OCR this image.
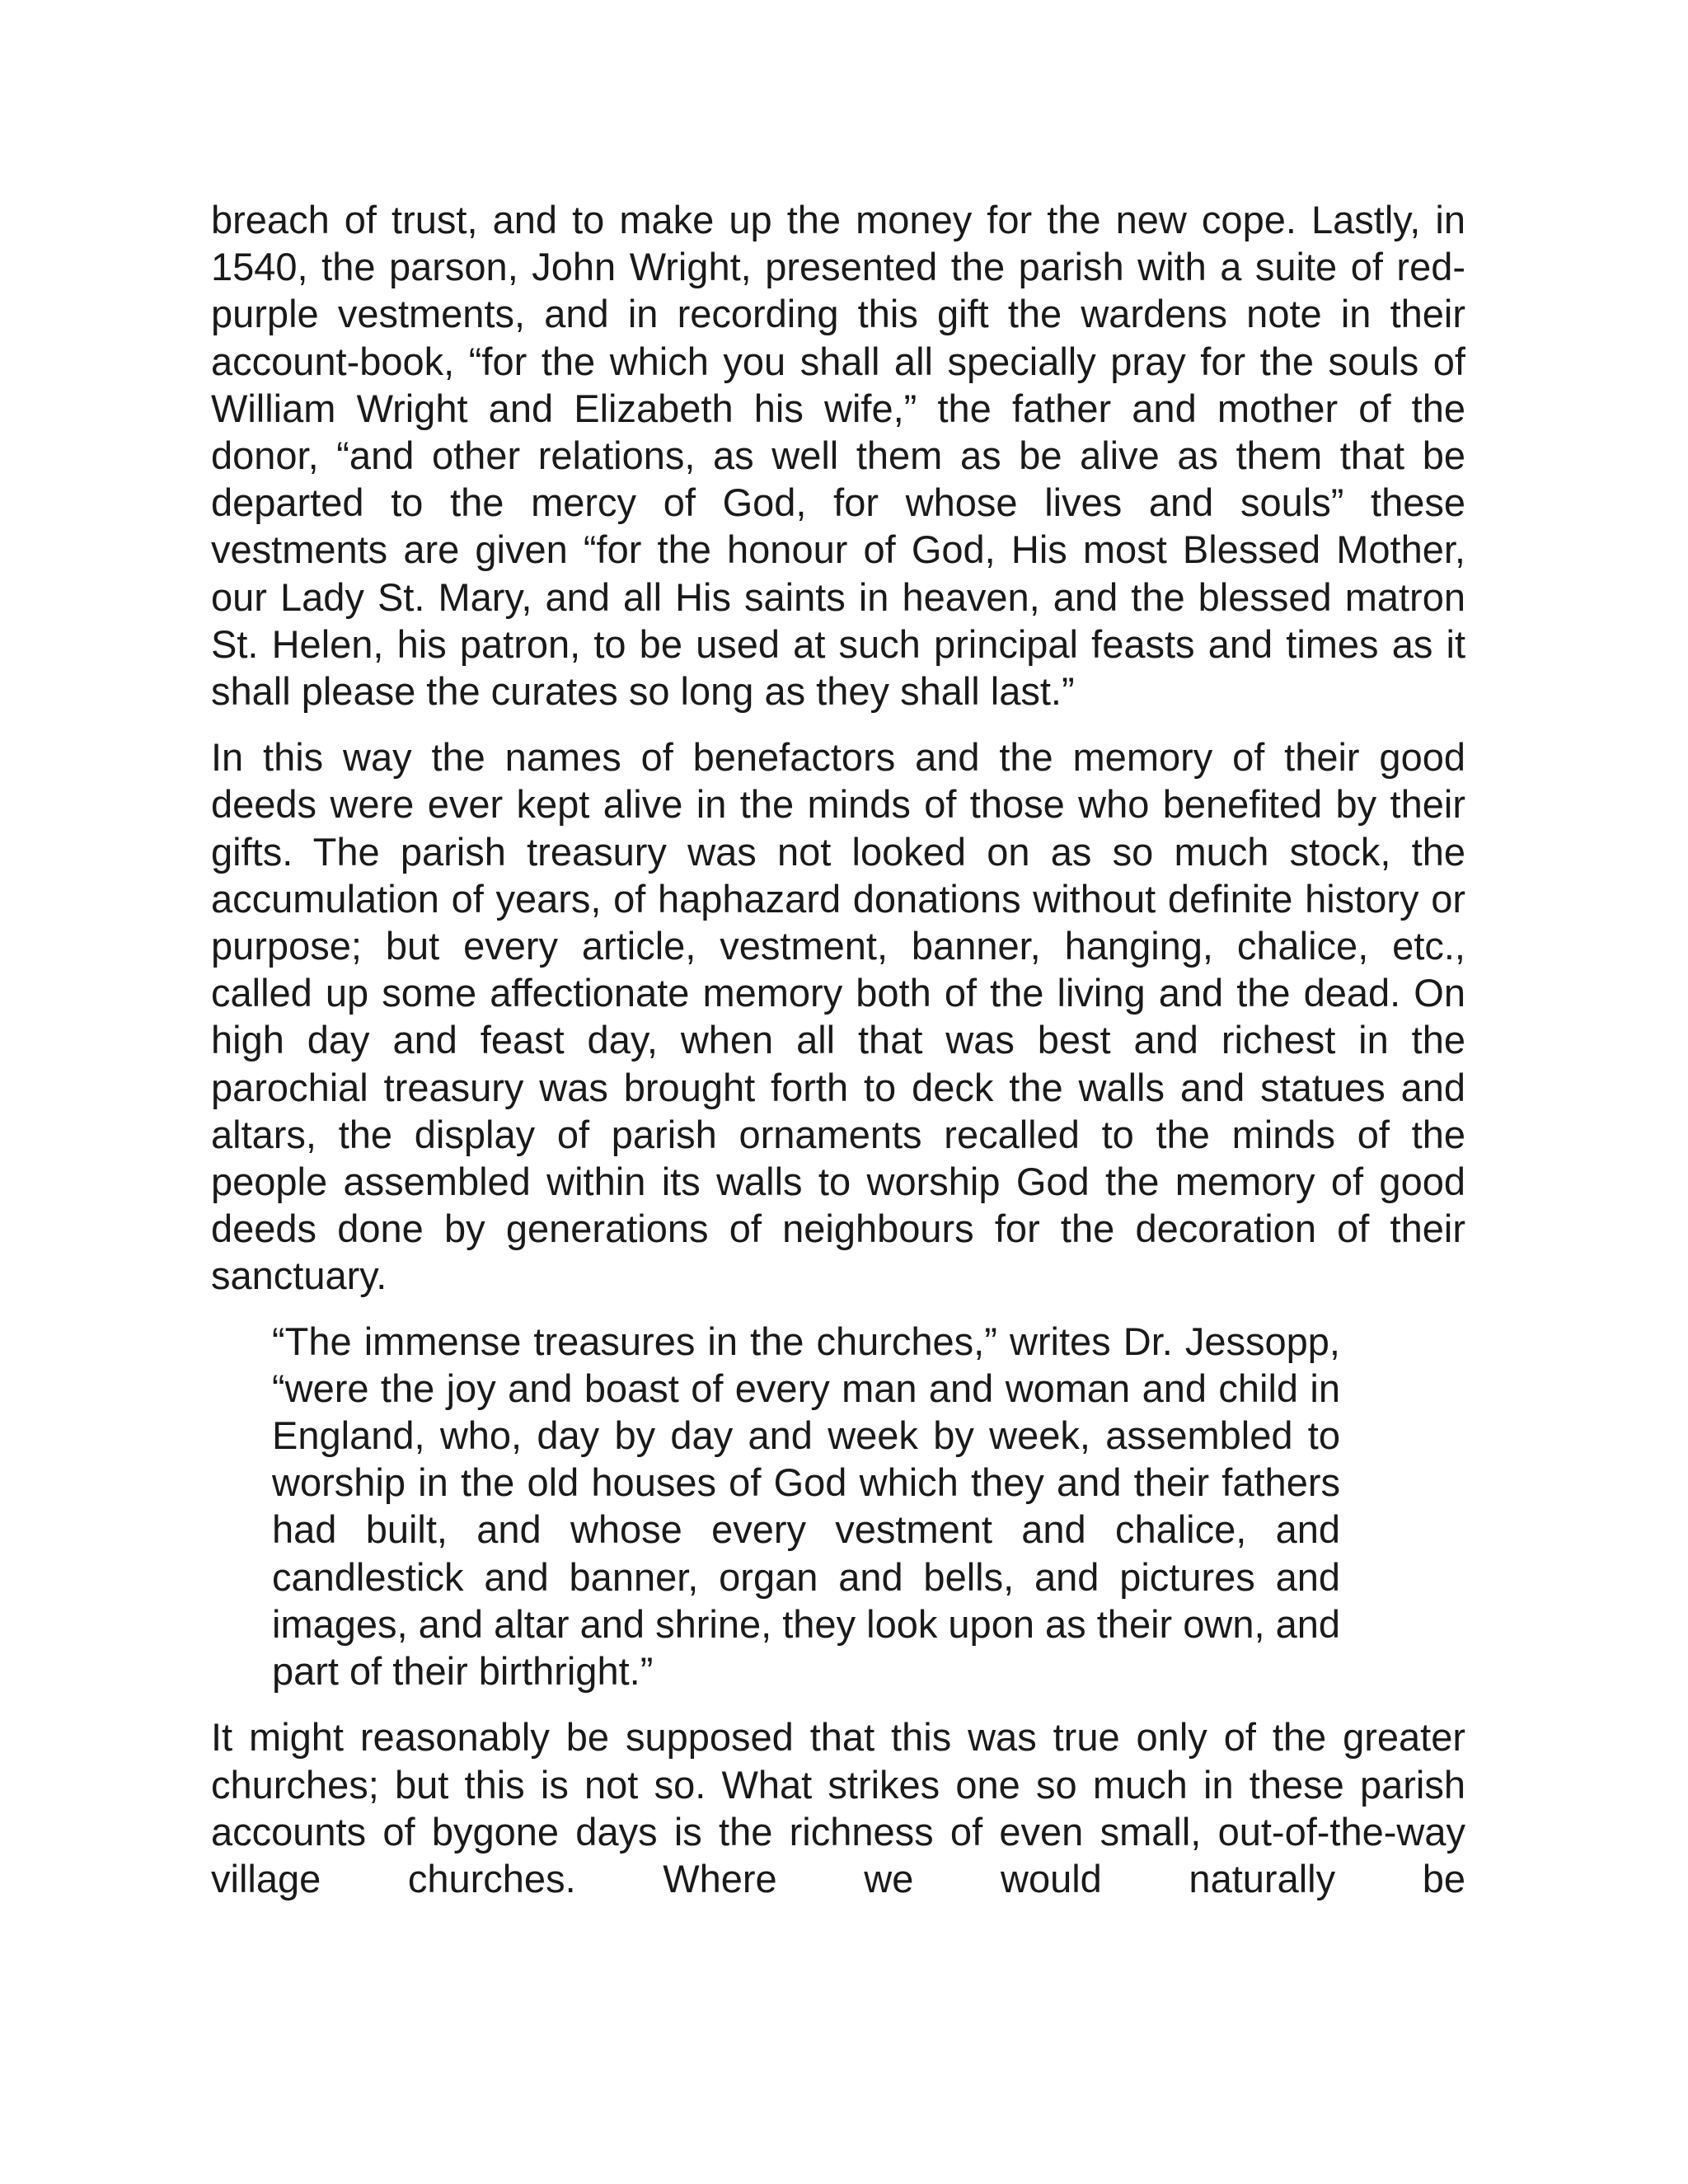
breach of trust, and to make up the money for the new cope. Lastly, in 1540, the parson, John Wright, presented the parish with a suite of red-purple vestments, and in recording this gift the wardens note in their account-book, “for the which you shall all specially pray for the souls of William Wright and Elizabeth his wife,” the father and mother of the donor, “and other relations, as well them as be alive as them that be departed to the mercy of God, for whose lives and souls” these vestments are given “for the honour of God, His most Blessed Mother, our Lady St. Mary, and all His saints in heaven, and the blessed matron St. Helen, his patron, to be used at such principal feasts and times as it shall please the curates so long as they shall last.”

In this way the names of benefactors and the memory of their good deeds were ever kept alive in the minds of those who benefited by their gifts. The parish treasury was not looked on as so much stock, the accumulation of years, of haphazard donations without definite history or purpose; but every article, vestment, banner, hanging, chalice, etc., called up some affectionate memory both of the living and the dead. On high day and feast day, when all that was best and richest in the parochial treasury was brought forth to deck the walls and statues and altars, the display of parish ornaments recalled to the minds of the people assembled within its walls to worship God the memory of good deeds done by generations of neighbours for the decoration of their sanctuary.

“The immense treasures in the churches,” writes Dr. Jessopp, “were the joy and boast of every man and woman and child in England, who, day by day and week by week, assembled to worship in the old houses of God which they and their fathers had built, and whose every vestment and chalice, and candlestick and banner, organ and bells, and pictures and images, and altar and shrine, they look upon as their own, and part of their birthright.”

It might reasonably be supposed that this was true only of the greater churches; but this is not so. What strikes one so much in these parish accounts of bygone days is the richness of even small, out-of-the-way village churches. Where we would naturally be
